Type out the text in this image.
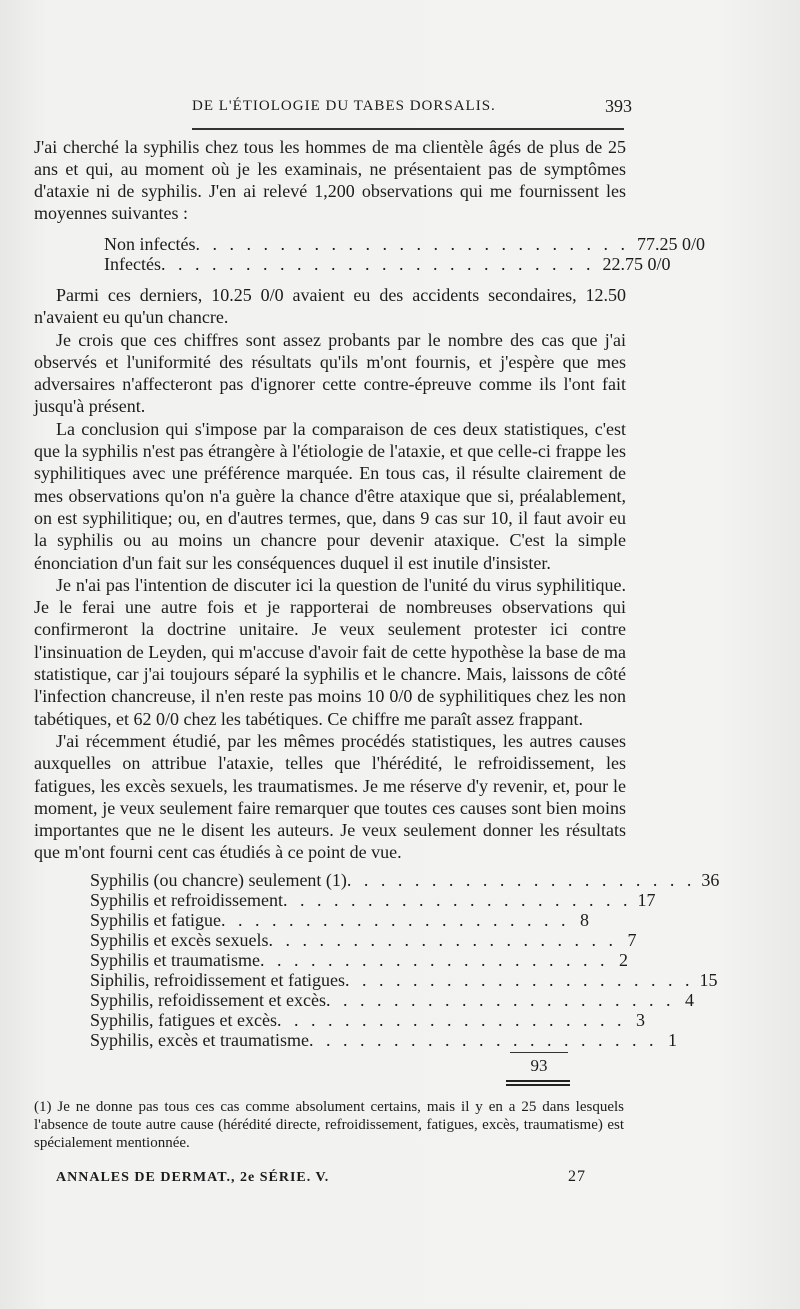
DE L'ÉTIOLOGIE DU TABES DORSALIS.	393

J'ai cherché la syphilis chez tous les hommes de ma clientèle âgés de plus de 25 ans et qui, au moment où je les examinais, ne présentaient pas de symptômes d'ataxie ni de syphilis. J'en ai relevé 1,200 observations qui me fournissent les moyennes suivantes :

Non infectés . . . . . . . . . . . . . . . . . . . . . . . . . . 77.25 0/0
Infectés . . . . . . . . . . . . . . . . . . . . . . . . . . 22.75 0/0

Parmi ces derniers, 10.25 0/0 avaient eu des accidents secondaires, 12.50 n'avaient eu qu'un chancre.

Je crois que ces chiffres sont assez probants par le nombre des cas que j'ai observés et l'uniformité des résultats qu'ils m'ont fournis, et j'espère que mes adversaires n'affecteront pas d'ignorer cette contre-épreuve comme ils l'ont fait jusqu'à présent.

La conclusion qui s'impose par la comparaison de ces deux statistiques, c'est que la syphilis n'est pas étrangère à l'étiologie de l'ataxie, et que celle-ci frappe les syphilitiques avec une préférence marquée. En tous cas, il résulte clairement de mes observations qu'on n'a guère la chance d'être ataxique que si, préalablement, on est syphilitique; ou, en d'autres termes, que, dans 9 cas sur 10, il faut avoir eu la syphilis ou au moins un chancre pour devenir ataxique. C'est la simple énonciation d'un fait sur les conséquences duquel il est inutile d'insister.

Je n'ai pas l'intention de discuter ici la question de l'unité du virus syphilitique. Je le ferai une autre fois et je rapporterai de nombreuses observations qui confirmeront la doctrine unitaire. Je veux seulement protester ici contre l'insinuation de Leyden, qui m'accuse d'avoir fait de cette hypothèse la base de ma statistique, car j'ai toujours séparé la syphilis et le chancre. Mais, laissons de côté l'infection chancreuse, il n'en reste pas moins 10 0/0 de syphilitiques chez les non tabétiques, et 62 0/0 chez les tabétiques. Ce chiffre me paraît assez frappant.

J'ai récemment étudié, par les mêmes procédés statistiques, les autres causes auxquelles on attribue l'ataxie, telles que l'hérédité, le refroidissement, les fatigues, les excès sexuels, les traumatismes. Je me réserve d'y revenir, et, pour le moment, je veux seulement faire remarquer que toutes ces causes sont bien moins importantes que ne le disent les auteurs. Je veux seulement donner les résultats que m'ont fourni cent cas étudiés à ce point de vue.

Syphilis (ou chancre) seulement (1) . . . . . . . . . . . . . . . . . . . . . 36
Syphilis et refroidissement . . . . . . . . . . . . . . . . . . . . . 17
Syphilis et fatigue . . . . . . . . . . . . . . . . . . . . . 8
Syphilis et excès sexuels . . . . . . . . . . . . . . . . . . . . . 7
Syphilis et traumatisme . . . . . . . . . . . . . . . . . . . . . 2
Siphilis, refroidissement et fatigues . . . . . . . . . . . . . . . . . . . . . 15
Syphilis, refoidissement et excès . . . . . . . . . . . . . . . . . . . . . 4
Syphilis, fatigues et excès . . . . . . . . . . . . . . . . . . . . . 3
Syphilis, excès et traumatisme . . . . . . . . . . . . . . . . . . . . . 1
93

(1) Je ne donne pas tous ces cas comme absolument certains, mais il y en a 25 dans lesquels l'absence de toute autre cause (hérédité directe, refroidissement, fatigues, excès, traumatisme) est spécialement mentionnée.

ANNALES DE DERMAT., 2e SÉRIE. V.	27
